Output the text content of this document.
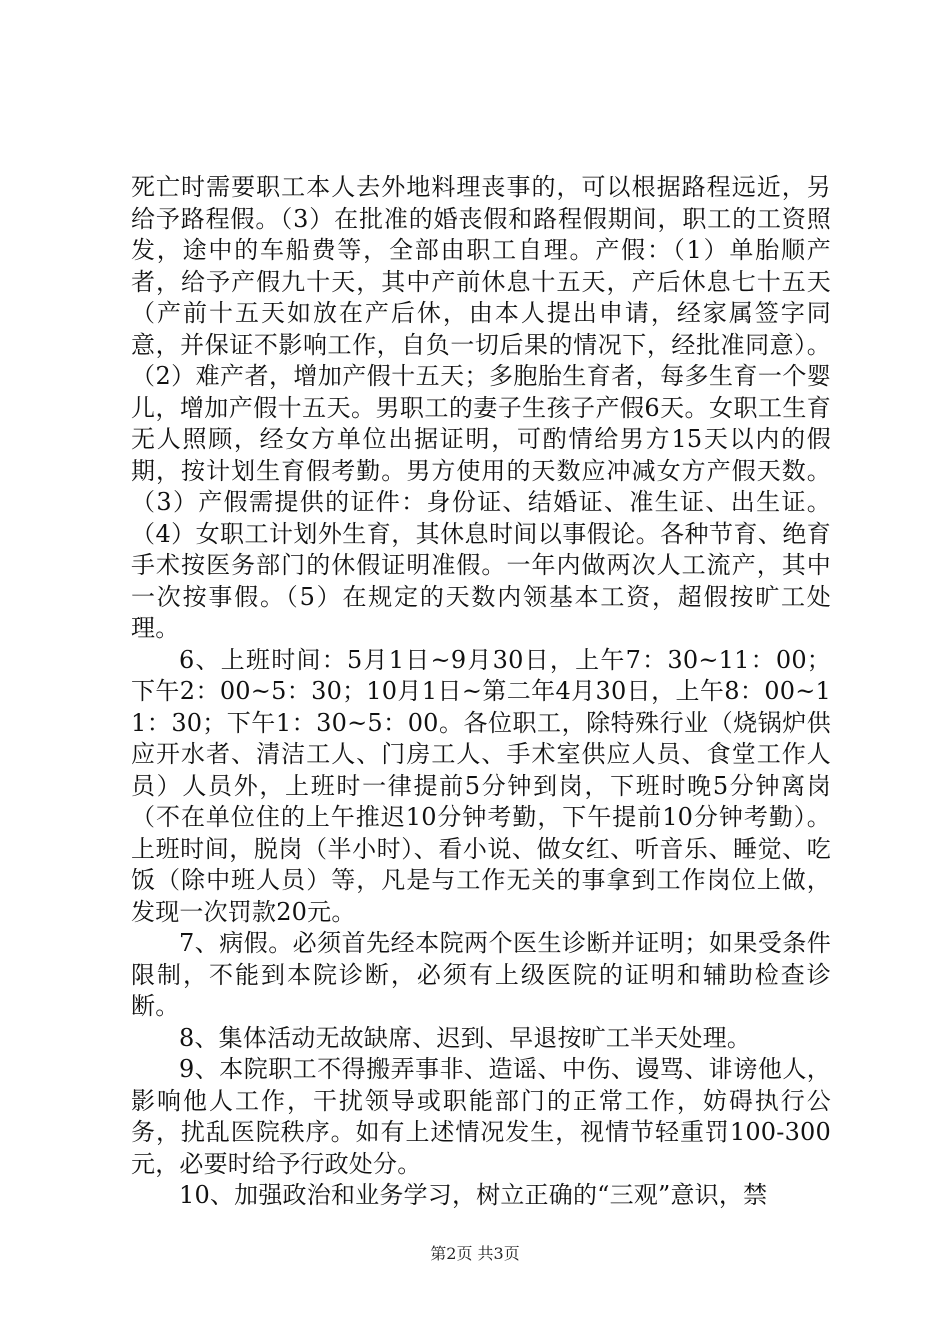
死亡时需要职工本人去外地料理丧事的，可以根据路程远近，另给予路程假。（3）在批准的婚丧假和路程假期间，职工的工资照发，途中的车船费等，全部由职工自理。产假：（1）单胎顺产者，给予产假九十天，其中产前休息十五天，产后休息七十五天（产前十五天如放在产后休，由本人提出申请，经家属签字同意，并保证不影响工作，自负一切后果的情况下，经批准同意）。（2）难产者，增加产假十五天；多胞胎生育者，每多生育一个婴儿，增加产假十五天。男职工的妻子生孩子产假6天。女职工生育无人照顾，经女方单位出据证明，可酌情给男方15天以内的假期，按计划生育假考勤。男方使用的天数应冲减女方产假天数。（3）产假需提供的证件：身份证、结婚证、准生证、出生证。（4）女职工计划外生育，其休息时间以事假论。各种节育、绝育手术按医务部门的休假证明准假。一年内做两次人工流产，其中一次按事假。（5）在规定的天数内领基本工资，超假按旷工处理。

6、上班时间：5月1日~9月30日，上午7：30~11：00；下午2：00~5：30；10月1日~第二年4月30日，上午8：00~11：30；下午1：30~5：00。各位职工，除特殊行业（烧锅炉供应开水者、清洁工人、门房工人、手术室供应人员、食堂工作人员）人员外，上班时一律提前5分钟到岗，下班时晚5分钟离岗（不在单位住的上午推迟10分钟考勤，下午提前10分钟考勤）。上班时间，脱岗（半小时）、看小说、做女红、听音乐、睡觉、吃饭（除中班人员）等，凡是与工作无关的事拿到工作岗位上做，发现一次罚款20元。

7、病假。必须首先经本院两个医生诊断并证明；如果受条件限制，不能到本院诊断，必须有上级医院的证明和辅助检查诊断。

8、集体活动无故缺席、迟到、早退按旷工半天处理。

9、本院职工不得搬弄事非、造谣、中伤、谩骂、诽谤他人，影响他人工作，干扰领导或职能部门的正常工作，妨碍执行公务，扰乱医院秩序。如有上述情况发生，视情节轻重罚100-300元，必要时给予行政处分。

10、加强政治和业务学习，树立正确的“三观”意识，禁

第2页 共3页
